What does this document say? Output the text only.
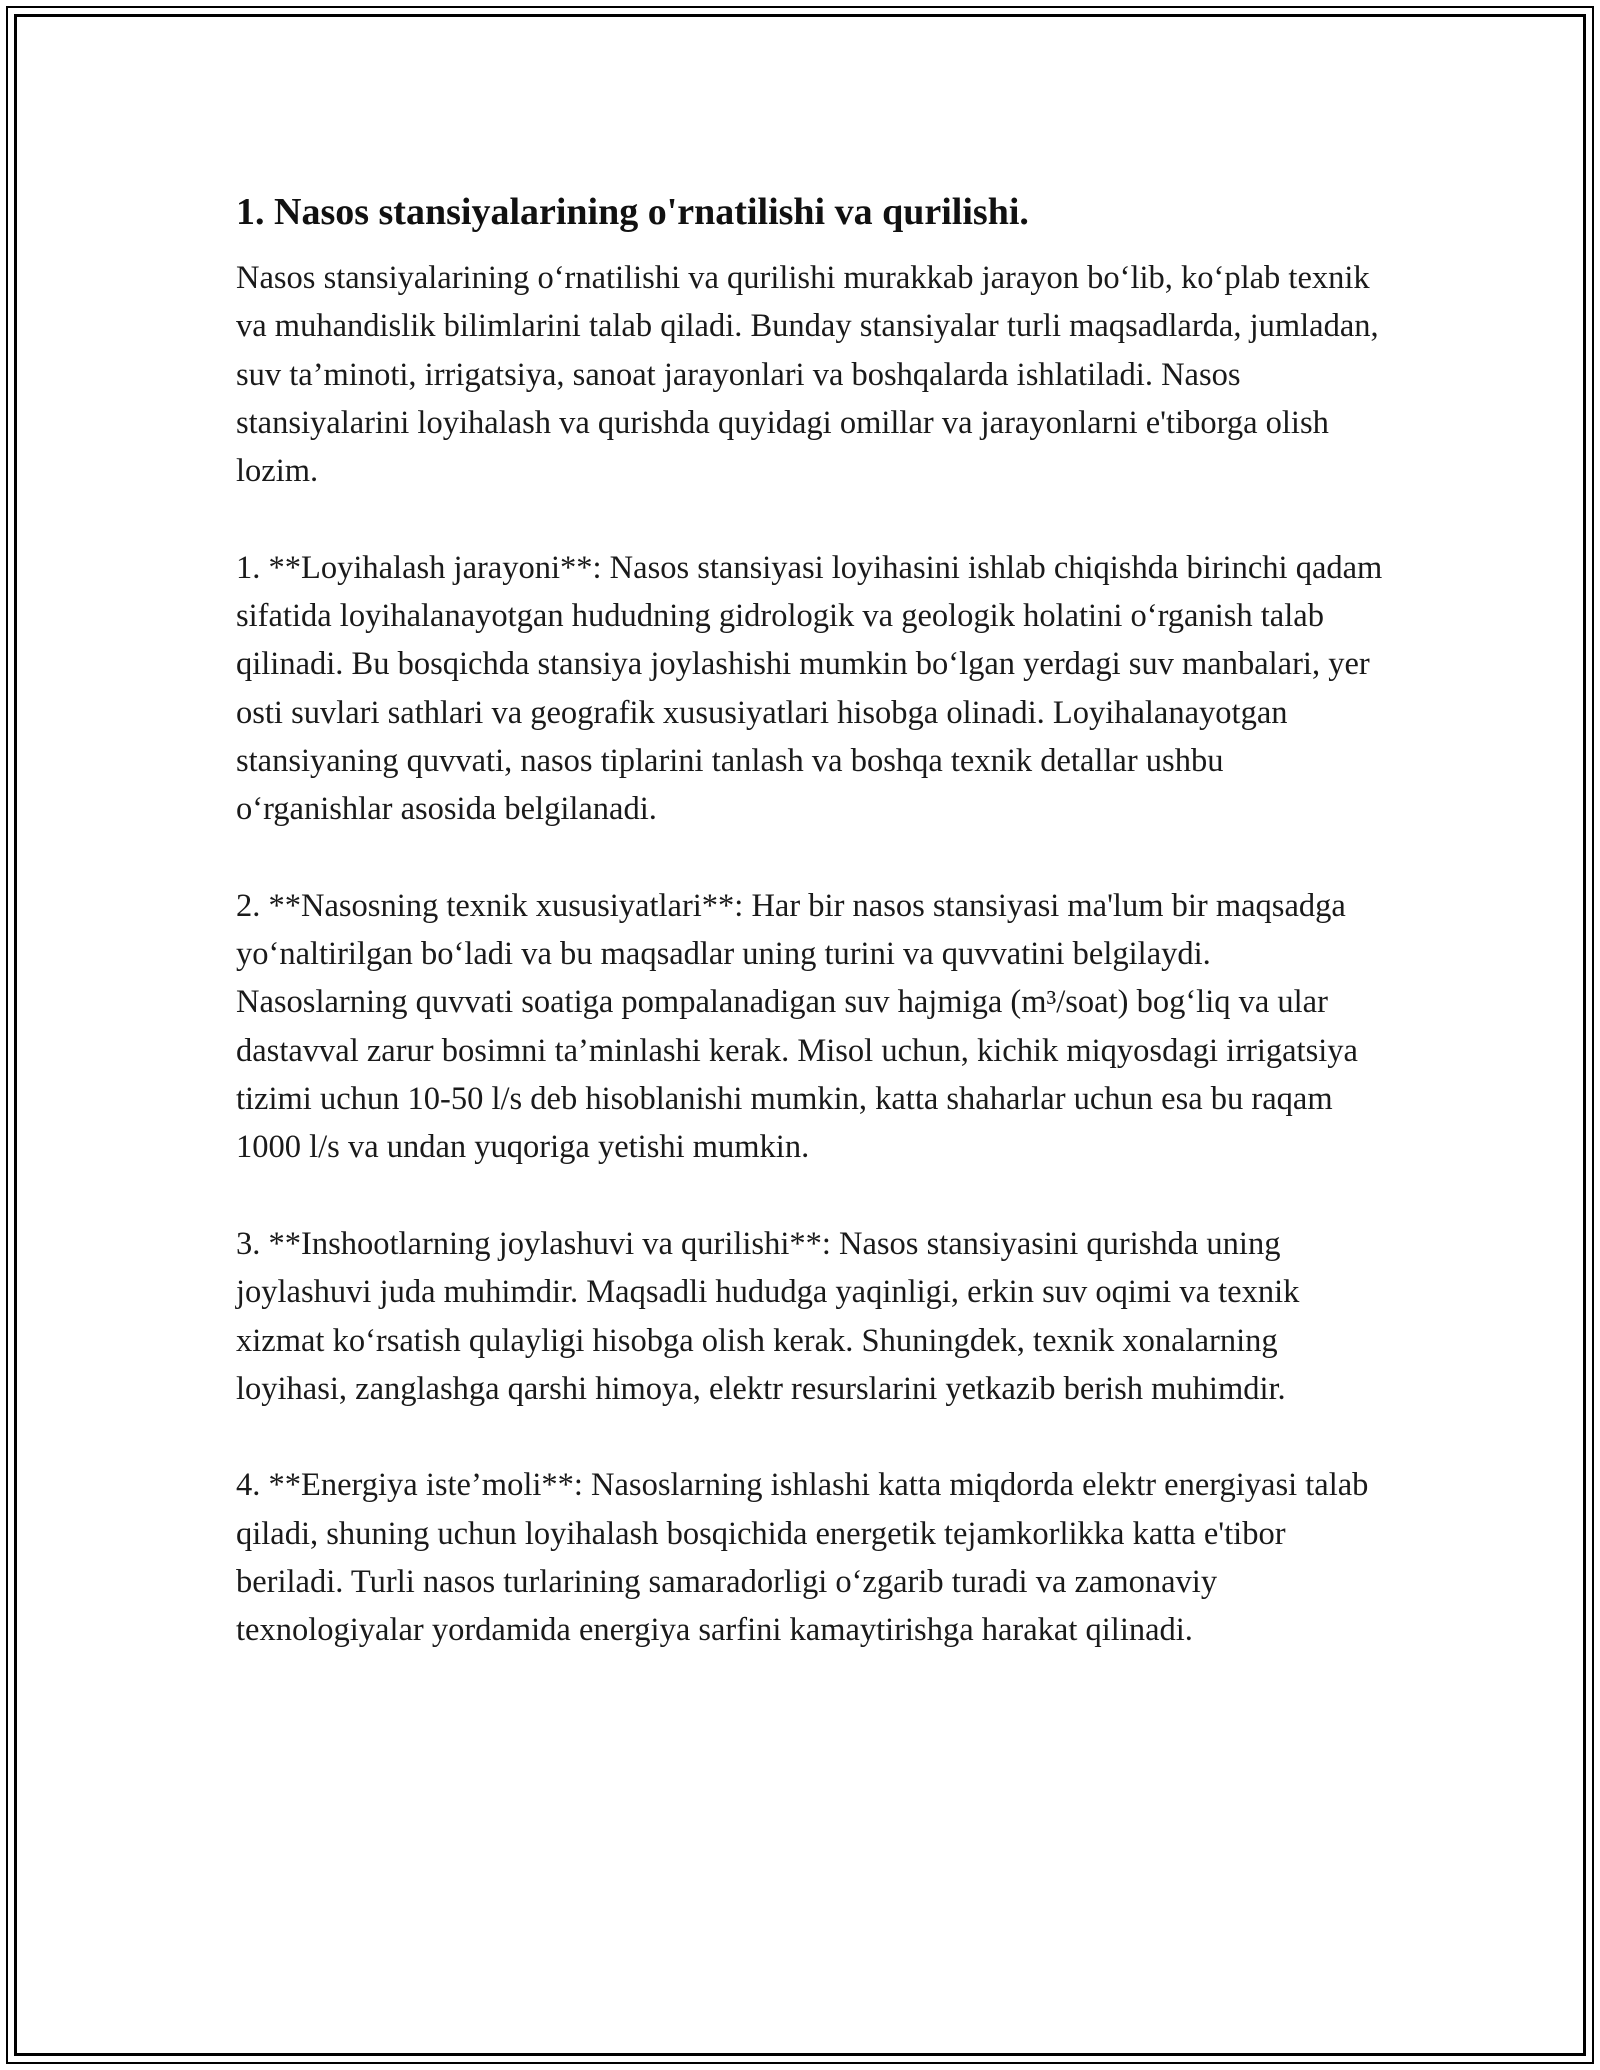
1. Nasos stansiyalarining o'rnatilishi va qurilishi.

Nasos stansiyalarining o‘rnatilishi va qurilishi murakkab jarayon bo‘lib, ko‘plab texnik va muhandislik bilimlarini talab qiladi. Bunday stansiyalar turli maqsadlarda, jumladan, suv ta’minoti, irrigatsiya, sanoat jarayonlari va boshqalarda ishlatiladi. Nasos stansiyalarini loyihalash va qurishda quyidagi omillar va jarayonlarni e'tiborga olish lozim.

1. **Loyihalash jarayoni**: Nasos stansiyasi loyihasini ishlab chiqishda birinchi qadam sifatida loyihalanayotgan hududning gidrologik va geologik holatini o‘rganish talab qilinadi. Bu bosqichda stansiya joylashishi mumkin bo‘lgan yerdagi suv manbalari, yer osti suvlari sathlari va geografik xususiyatlari hisobga olinadi. Loyihalanayotgan stansiyaning quvvati, nasos tiplarini tanlash va boshqa texnik detallar ushbu o‘rganishlar asosida belgilanadi.

2. **Nasosning texnik xususiyatlari**: Har bir nasos stansiyasi ma'lum bir maqsadga yo‘naltirilgan bo‘ladi va bu maqsadlar uning turini va quvvatini belgilaydi. Nasoslarning quvvati soatiga pompalanadigan suv hajmiga (m³/soat) bog‘liq va ular dastavval zarur bosimni ta’minlashi kerak. Misol uchun, kichik miqyosdagi irrigatsiya tizimi uchun 10-50 l/s deb hisoblanishi mumkin, katta shaharlar uchun esa bu raqam 1000 l/s va undan yuqoriga yetishi mumkin.

3. **Inshootlarning joylashuvi va qurilishi**: Nasos stansiyasini qurishda uning joylashuvi juda muhimdir. Maqsadli hududga yaqinligi, erkin suv oqimi va texnik xizmat ko‘rsatish qulayligi hisobga olish kerak. Shuningdek, texnik xonalarning loyihasi, zanglashga qarshi himoya, elektr resurslarini yetkazib berish muhimdir.

4. **Energiya iste’moli**: Nasoslarning ishlashi katta miqdorda elektr energiyasi talab qiladi, shuning uchun loyihalash bosqichida energetik tejamkorlikka katta e'tibor beriladi. Turli nasos turlarining samaradorligi o‘zgarib turadi va zamonaviy texnologiyalar yordamida energiya sarfini kamaytirishga harakat qilinadi.
